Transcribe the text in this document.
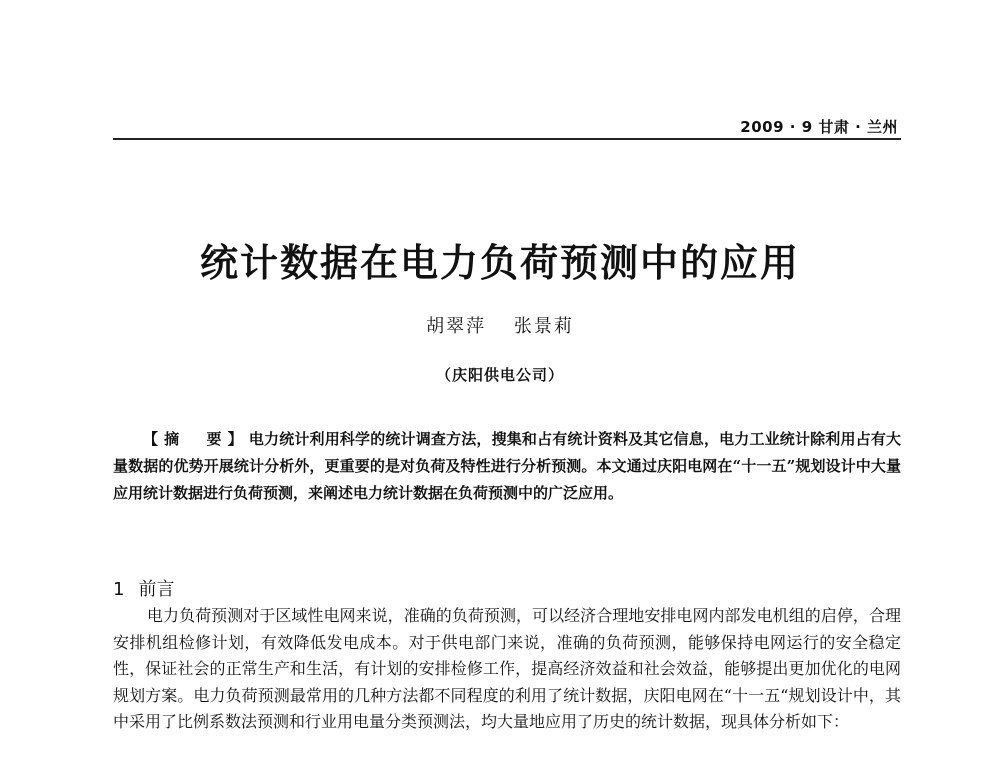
2009 · 9 甘肃 · 兰州
统计数据在电力负荷预测中的应用
胡翠萍 张景莉
（庆阳供电公司）
【摘　要】电力统计利用科学的统计调查方法，搜集和占有统计资料及其它信息，电力工业统计除利用占有大量数据的优势开展统计分析外，更重要的是对负荷及特性进行分析预测。本文通过庆阳电网在“十一五”规划设计中大量应用统计数据进行负荷预测，来阐述电力统计数据在负荷预测中的广泛应用。
1 前言
电力负荷预测对于区域性电网来说，准确的负荷预测，可以经济合理地安排电网内部发电机组的启停，合理安排机组检修计划，有效降低发电成本。对于供电部门来说，准确的负荷预测，能够保持电网运行的安全稳定性，保证社会的正常生产和生活，有计划的安排检修工作，提高经济效益和社会效益，能够提出更加优化的电网规划方案。电力负荷预测最常用的几种方法都不同程度的利用了统计数据，庆阳电网在“十一五“规划设计中，其中采用了比例系数法预测和行业用电量分类预测法，均大量地应用了历史的统计数据，现具体分析如下：
